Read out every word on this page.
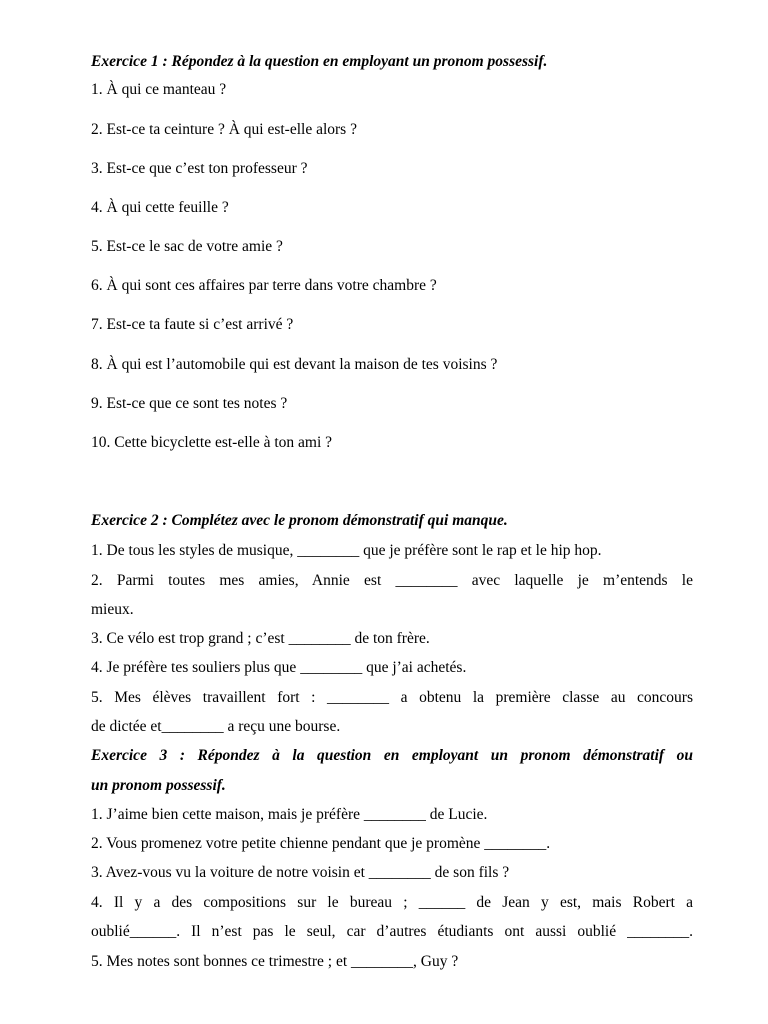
Exercice 1 : Répondez à la question en employant un pronom possessif.
1. À qui ce manteau ?
2. Est-ce ta ceinture ? À qui est-elle alors ?
3. Est-ce que c’est ton professeur ?
4. À qui cette feuille ?
5. Est-ce le sac de votre amie ?
6. À qui sont ces affaires par terre dans votre chambre ?
7. Est-ce ta faute si c’est arrivé ?
8. À qui est l’automobile qui est devant la maison de tes voisins ?
9. Est-ce que ce sont tes notes ?
10. Cette bicyclette est-elle à ton ami ?
Exercice 2 : Complétez avec le pronom démonstratif qui manque.
1. De tous les styles de musique, ________ que je préfère sont le rap et le hip hop.
2. Parmi toutes mes amies, Annie est ________ avec laquelle je m’entends le
mieux.
3. Ce vélo est trop grand ; c’est ________ de ton frère.
4. Je préfère tes souliers plus que ________ que j’ai achetés.
5. Mes élèves travaillent fort : ________ a obtenu la première classe au concours
de dictée et________ a reçu une bourse.
Exercice 3 : Répondez à la question en employant un pronom démonstratif ou
un pronom possessif.
1. J’aime bien cette maison, mais je préfère ________ de Lucie.
2. Vous promenez votre petite chienne pendant que je promène ________.
3. Avez-vous vu la voiture de notre voisin et ________ de son fils ?
4. Il y a des compositions sur le bureau ; ______ de Jean y est, mais Robert a
oublié______. Il n’est pas le seul, car d’autres étudiants ont aussi oublié ________.
5. Mes notes sont bonnes ce trimestre ; et ________, Guy ?
